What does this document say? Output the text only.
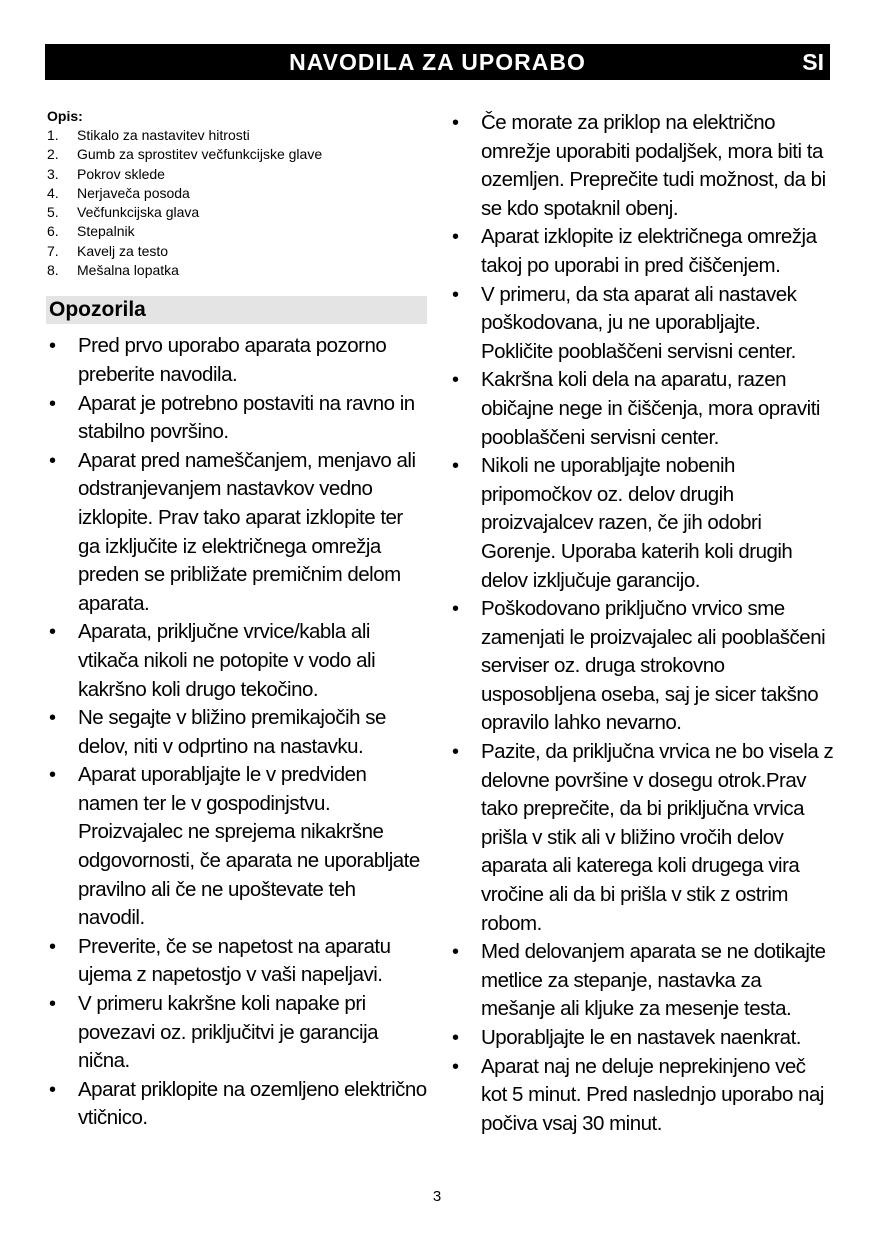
NAVODILA ZA UPORABO	SI
Opis:
1.	Stikalo za nastavitev hitrosti
2.	Gumb za sprostitev večfunkcijske glave
3.	Pokrov sklede
4.	Nerjaveča posoda
5.	Večfunkcijska glava
6.	Stepalnik
7.	Kavelj za testo
8.	Mešalna lopatka
Opozorila
• Pred prvo uporabo aparata pozorno preberite navodila.
• Aparat je potrebno postaviti na ravno in stabilno površino.
• Aparat pred nameščanjem, menjavo ali odstranjevanjem nastavkov vedno izklopite. Prav tako aparat izklopite ter ga izključite iz električnega omrežja preden se približate premičnim delom aparata.
• Aparata, priključne vrvice/kabla ali vtikača nikoli ne potopite v vodo ali kakršno koli drugo tekočino.
• Ne segajte v bližino premikajočih se delov, niti v odprtino na nastavku.
• Aparat uporabljajte le v predviden namen ter le v gospodinjstvu. Proizvajalec ne sprejema nikakršne odgovornosti, če aparata ne uporabljate pravilno ali če ne upoštevate teh navodil.
• Preverite, če se napetost na aparatu ujema z napetostjo v vaši napeljavi.
• V primeru kakršne koli napake pri povezavi oz. priključitvi je garancija nična.
• Aparat priklopite na ozemljeno električno vtičnico.
• Če morate za priklop na električno omrežje uporabiti podaljšek, mora biti ta ozemljen. Preprečite tudi možnost, da bi se kdo spotaknil obenj.
• Aparat izklopite iz električnega omrežja takoj po uporabi in pred čiščenjem.
• V primeru, da sta aparat ali nastavek poškodovana, ju ne uporabljajte. Pokličite pooblaščeni servisni center.
• Kakršna koli dela na aparatu, razen običajne nege in čiščenja, mora opraviti pooblaščeni servisni center.
• Nikoli ne uporabljajte nobenih pripomočkov oz. delov drugih proizvajalcev razen, če jih odobri Gorenje. Uporaba katerih koli drugih delov izključuje garancijo.
• Poškodovano priključno vrvico sme zamenjati le proizvajalec ali pooblaščeni serviser oz. druga strokovno usposobljena oseba, saj je sicer takšno opravilo lahko nevarno.
• Pazite, da priključna vrvica ne bo visela z delovne površine v dosegu otrok.Prav tako preprečite, da bi priključna vrvica prišla v stik ali v bližino vročih delov aparata ali katerega koli drugega vira vročine ali da bi prišla v stik z ostrim robom.
• Med delovanjem aparata se ne dotikajte metlice za stepanje, nastavka za mešanje ali kljuke za mesenje testa.
• Uporabljajte le en nastavek naenkrat.
• Aparat naj ne deluje neprekinjeno več kot 5 minut. Pred naslednjo uporabo naj počiva vsaj 30 minut.
3
